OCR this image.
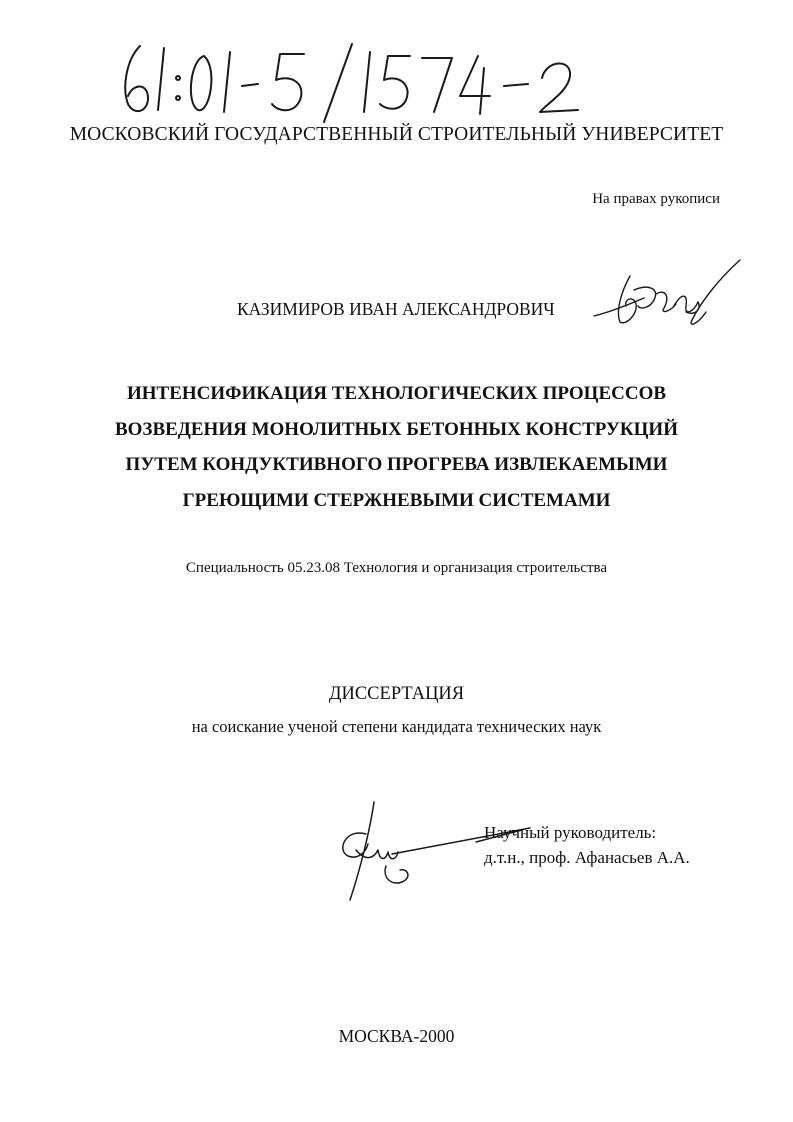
61:01-5/1574-2
МОСКОВСКИЙ ГОСУДАРСТВЕННЫЙ СТРОИТЕЛЬНЫЙ УНИВЕРСИТЕТ
На правах рукописи
КАЗИМИРОВ ИВАН АЛЕКСАНДРОВИЧ
ИНТЕНСИФИКАЦИЯ ТЕХНОЛОГИЧЕСКИХ ПРОЦЕССОВ
ВОЗВЕДЕНИЯ МОНОЛИТНЫХ БЕТОННЫХ КОНСТРУКЦИЙ
ПУТЕМ КОНДУКТИВНОГО ПРОГРЕВА ИЗВЛЕКАЕМЫМИ
ГРЕЮЩИМИ СТЕРЖНЕВЫМИ СИСТЕМАМИ
Специальность 05.23.08 Технология и организация строительства
ДИССЕРТАЦИЯ
на соискание ученой степени кандидата технических наук
Научный руководитель:
д.т.н., проф. Афанасьев А.А.
МОСКВА-2000
